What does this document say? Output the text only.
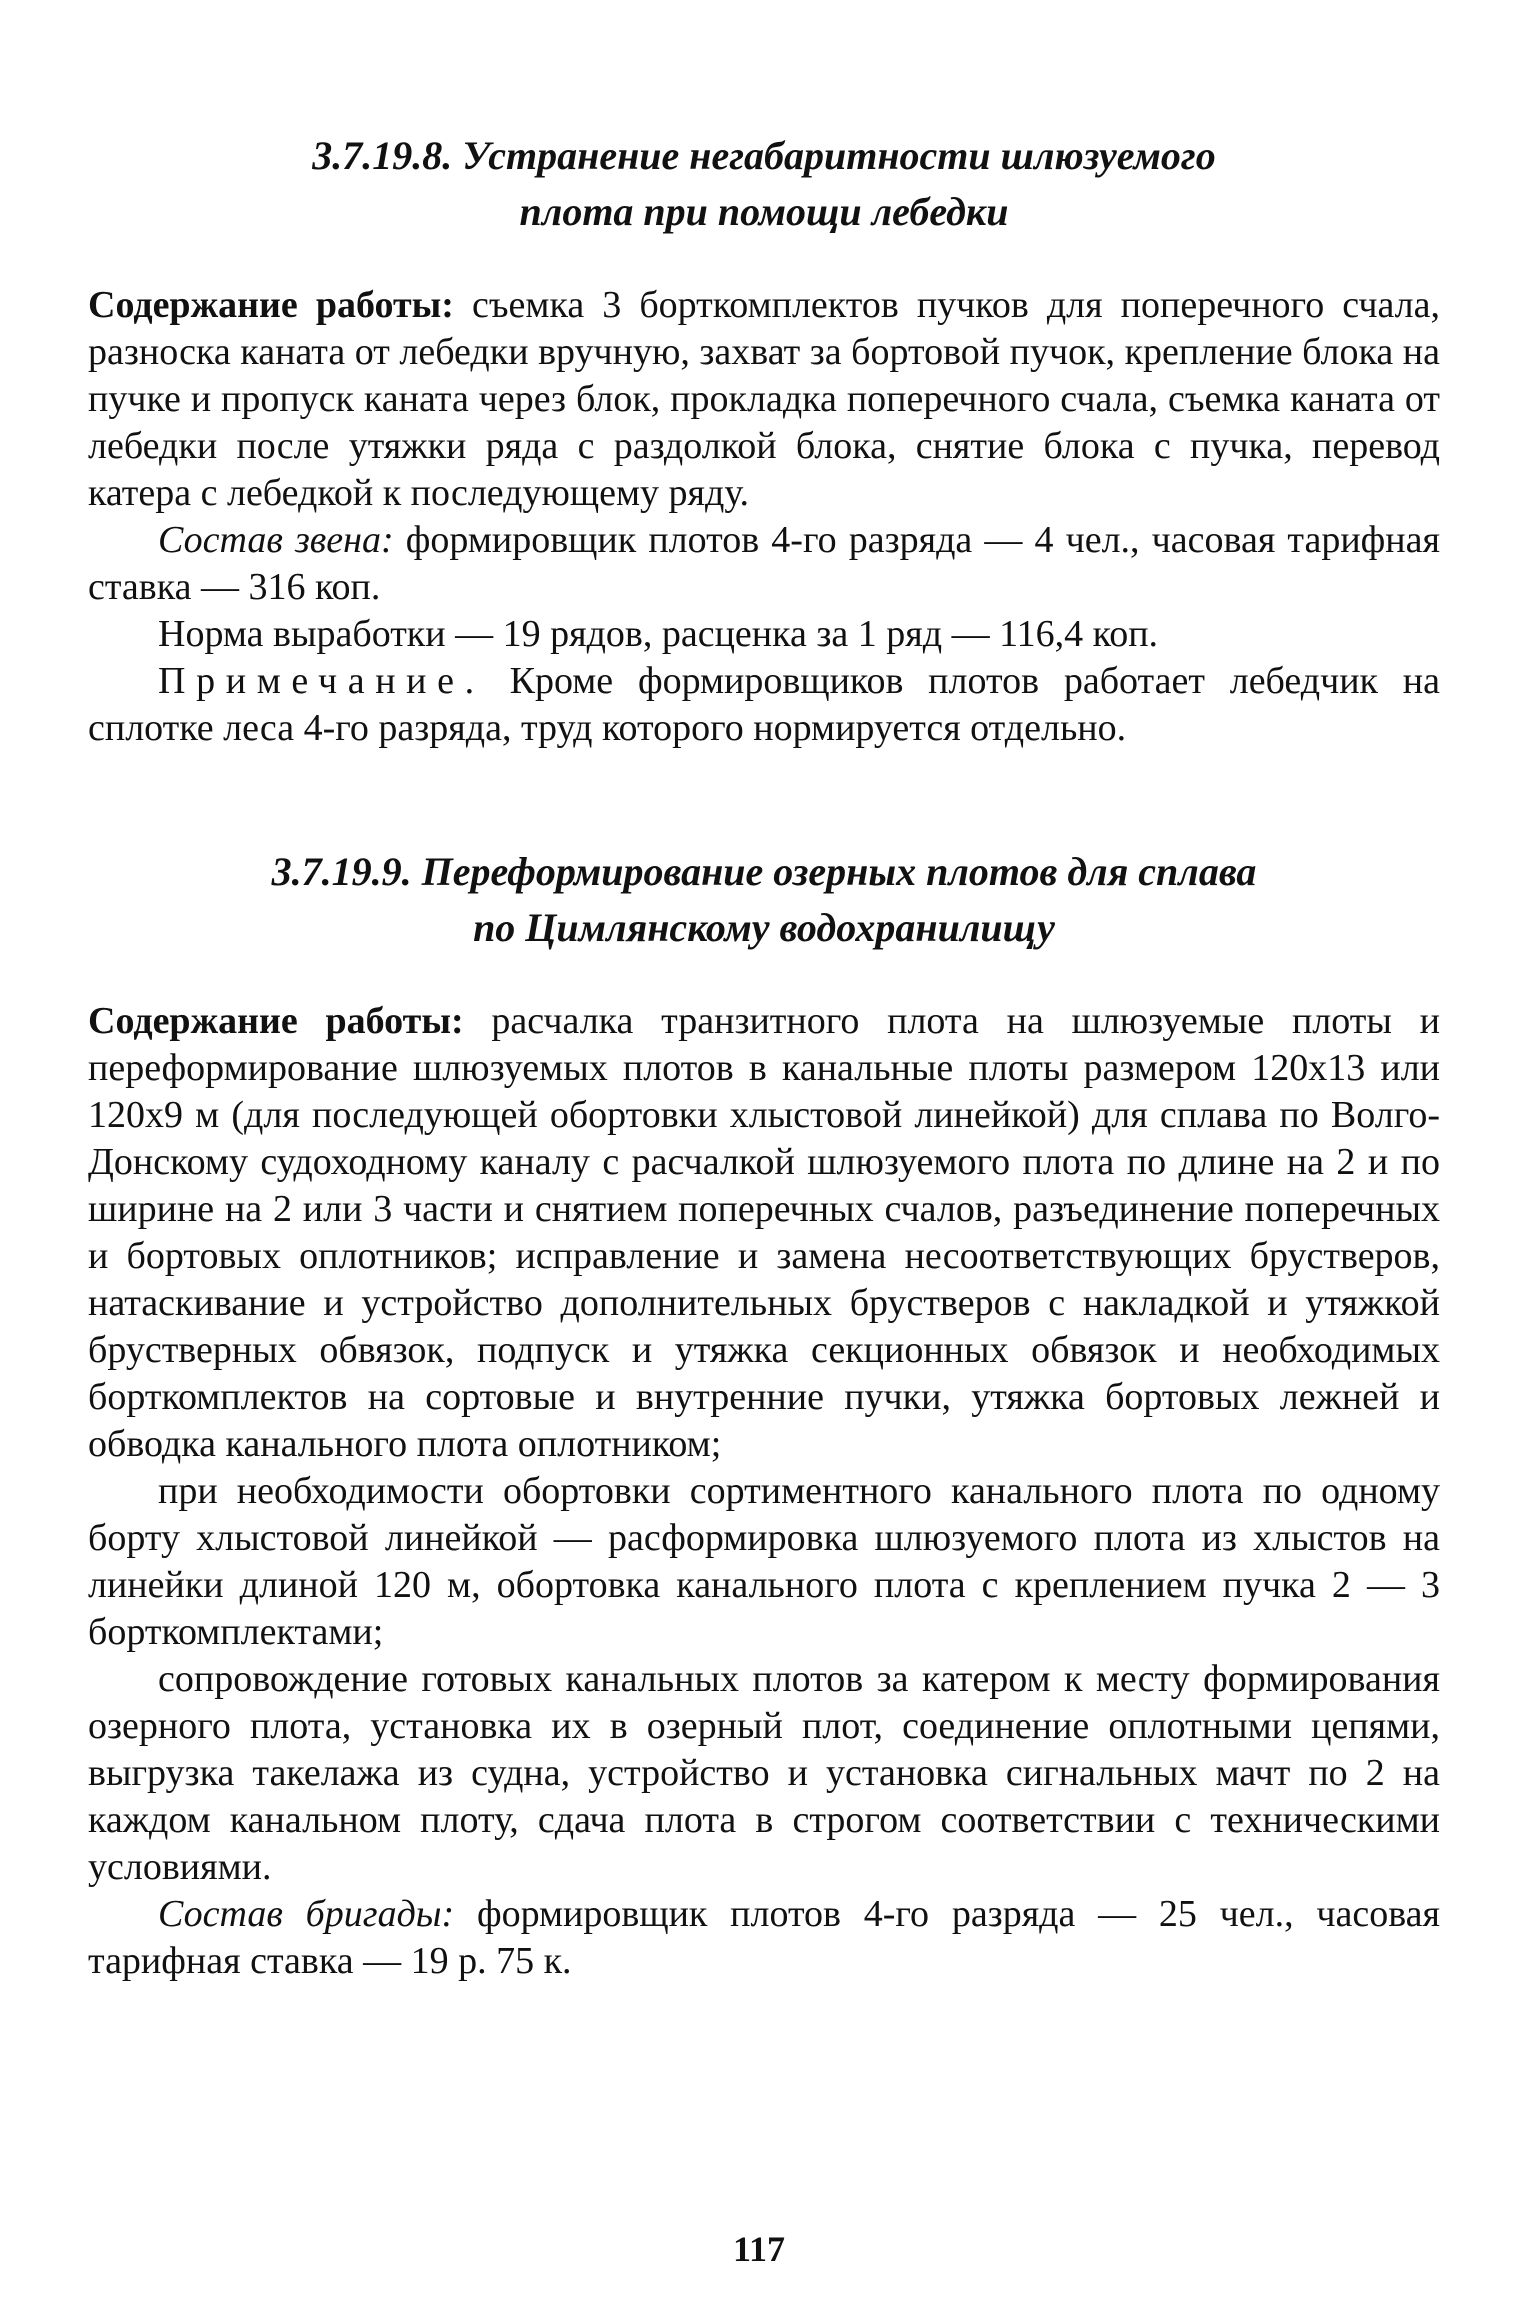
3.7.19.8. Устранение негабаритности шлюзуемого
плота при помощи лебедки

Содержание работы: съемка 3 борткомплектов пучков для поперечного счала, разноска каната от лебедки вручную, захват за бортовой пучок, крепление блока на пучке и пропуск каната через блок, прокладка поперечного счала, съемка каната от лебедки после утяжки ряда с раздолкой блока, снятие блока с пучка, перевод катера с лебедкой к последующему ряду.

Состав звена: формировщик плотов 4-го разряда — 4 чел., часовая тарифная ставка — 316 коп.

Норма выработки — 19 рядов, расценка за 1 ряд — 116,4 коп.

Примечание. Кроме формировщиков плотов работает лебедчик на сплотке леса 4-го разряда, труд которого нормируется отдельно.

3.7.19.9. Переформирование озерных плотов для сплава
по Цимлянскому водохранилищу

Содержание работы: расчалка транзитного плота на шлюзуемые плоты и переформирование шлюзуемых плотов в канальные плоты размером 120х13 или 120х9 м (для последующей обортовки хлыстовой линейкой) для сплава по Волго-Донскому судоходному каналу с расчалкой шлюзуемого плота по длине на 2 и по ширине на 2 или 3 части и снятием поперечных счалов, разъединение поперечных и бортовых оплотников; исправление и замена несоответствующих брустверов, натаскивание и устройство дополнительных брустверов с накладкой и утяжкой брустверных обвязок, подпуск и утяжка секционных обвязок и необходимых борткомплектов на сортовые и внутренние пучки, утяжка бортовых лежней и обводка канального плота оплотником;

при необходимости обортовки сортиментного канального плота по одному борту хлыстовой линейкой — расформировка шлюзуемого плота из хлыстов на линейки длиной 120 м, обортовка канального плота с креплением пучка 2 — 3 борткомплектами;

сопровождение готовых канальных плотов за катером к месту формирования озерного плота, установка их в озерный плот, соединение оплотными цепями, выгрузка такелажа из судна, устройство и установка сигнальных мачт по 2 на каждом канальном плоту, сдача плота в строгом соответствии с техническими условиями.

Состав бригады: формировщик плотов 4-го разряда — 25 чел., часовая тарифная ставка — 19 р. 75 к.

117
